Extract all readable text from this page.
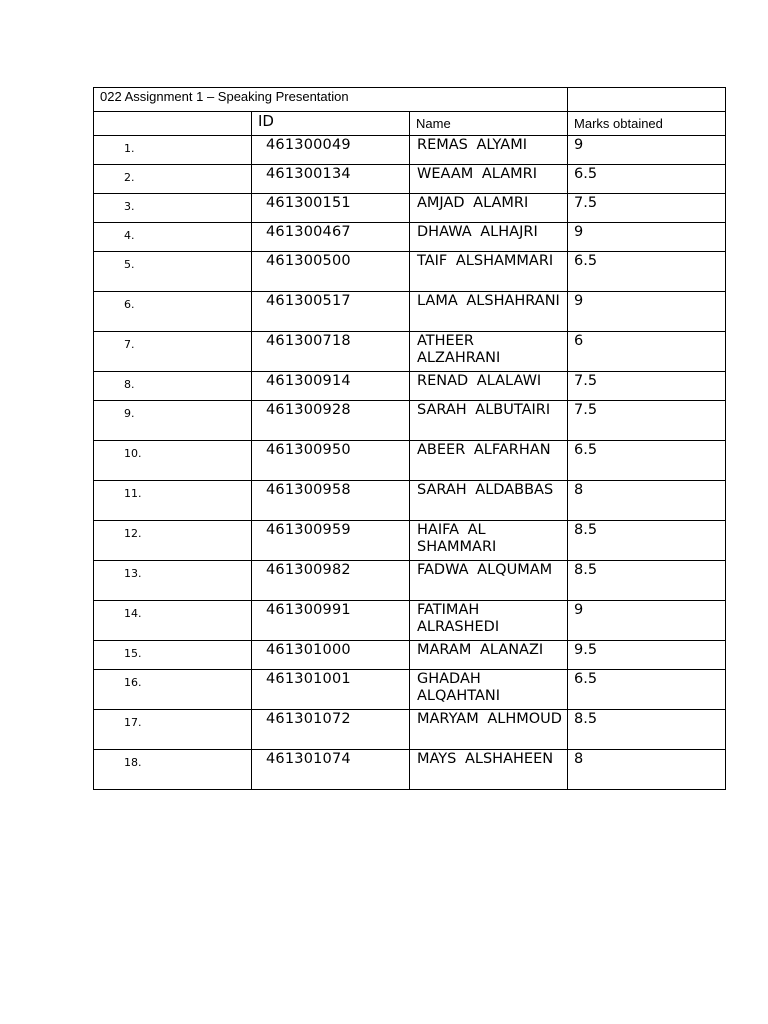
022 Assignment 1 – Speaking Presentation			
	ID	Name	Marks obtained
1.	461300049	REMAS ALYAMI	9
2.	461300134	WEAAM ALAMRI	6.5
3.	461300151	AMJAD ALAMRI	7.5
4.	461300467	DHAWA ALHAJRI	9
5.	461300500	TAIF ALSHAMMARI	6.5
6.	461300517	LAMA ALSHAHRANI	9
7.	461300718	ATHEER ALZAHRANI	6
8.	461300914	RENAD ALALAWI	7.5
9.	461300928	SARAH ALBUTAIRI	7.5
10.	461300950	ABEER ALFARHAN	6.5
11.	461300958	SARAH ALDABBAS	8
12.	461300959	HAIFA AL SHAMMARI	8.5
13.	461300982	FADWA ALQUMAM	8.5
14.	461300991	FATIMAH ALRASHEDI	9
15.	461301000	MARAM ALANAZI	9.5
16.	461301001	GHADAH ALQAHTANI	6.5
17.	461301072	MARYAM ALHMOUD	8.5
18.	461301074	MAYS ALSHAHEEN	8
